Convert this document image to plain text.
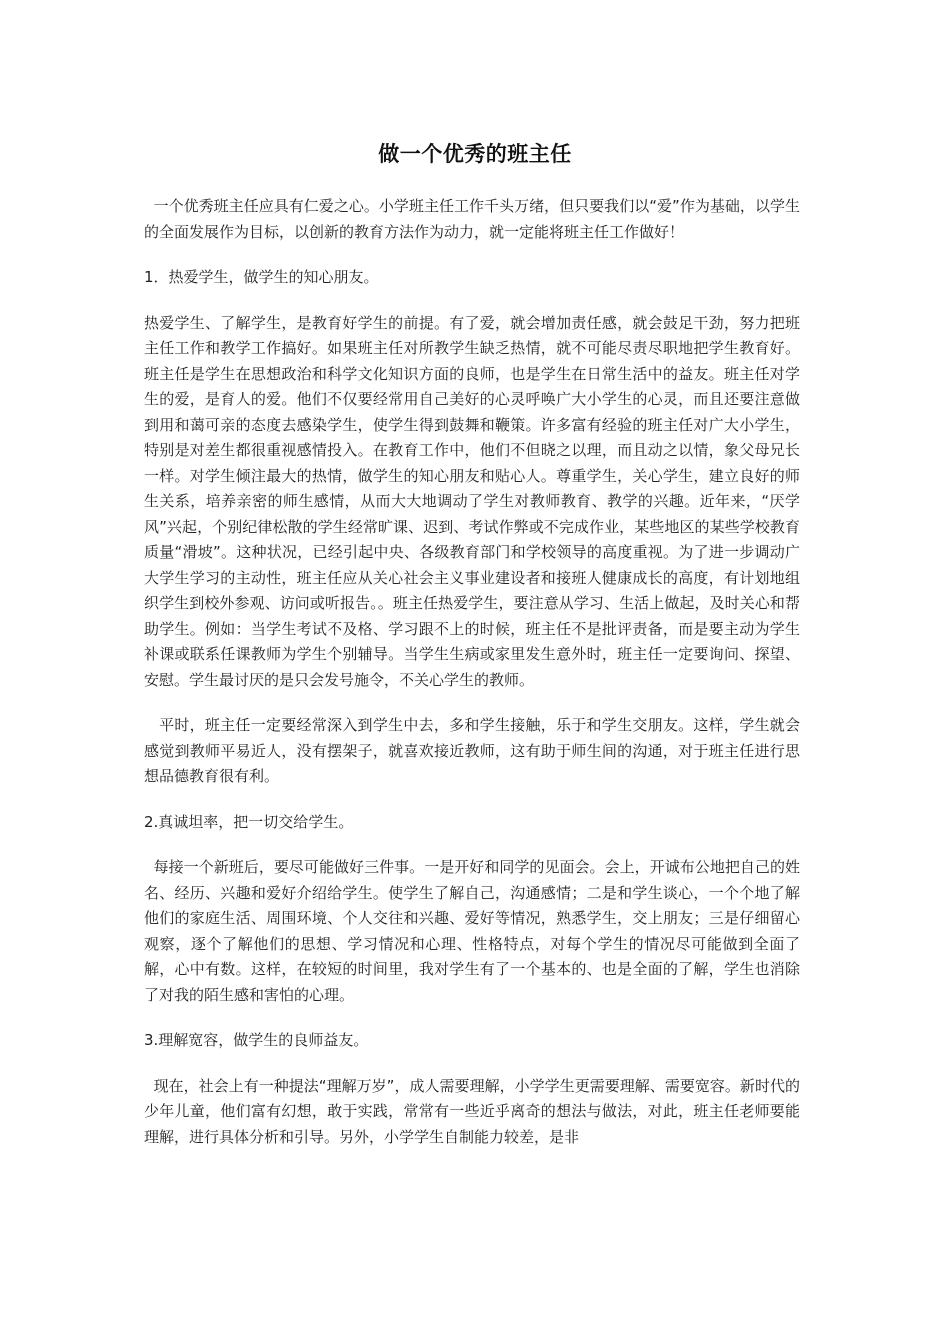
做一个优秀的班主任

一个优秀班主任应具有仁爱之心。小学班主任工作千头万绪，但只要我们以“爱”作为基础，以学生的全面发展作为目标，以创新的教育方法作为动力，就一定能将班主任工作做好！

1．热爱学生，做学生的知心朋友。

热爱学生、了解学生，是教育好学生的前提。有了爱，就会增加责任感，就会鼓足干劲，努力把班主任工作和教学工作搞好。如果班主任对所教学生缺乏热情，就不可能尽责尽职地把学生教育好。班主任是学生在思想政治和科学文化知识方面的良师，也是学生在日常生活中的益友。班主任对学生的爱，是育人的爱。他们不仅要经常用自己美好的心灵呼唤广大小学生的心灵，而且还要注意做到用和蔼可亲的态度去感染学生，使学生得到鼓舞和鞭策。许多富有经验的班主任对广大小学生，特别是对差生都很重视感情投入。在教育工作中，他们不但晓之以理，而且动之以情，象父母兄长一样。对学生倾注最大的热情，做学生的知心朋友和贴心人。尊重学生，关心学生，建立良好的师生关系，培养亲密的师生感情，从而大大地调动了学生对教师教育、教学的兴趣。近年来，“厌学风”兴起，个别纪律松散的学生经常旷课、迟到、考试作弊或不完成作业，某些地区的某些学校教育质量“滑坡”。这种状况，已经引起中央、各级教育部门和学校领导的高度重视。为了进一步调动广大学生学习的主动性，班主任应从关心社会主义事业建设者和接班人健康成长的高度，有计划地组织学生到校外参观、访问或听报告。。班主任热爱学生，要注意从学习、生活上做起，及时关心和帮助学生。例如：当学生考试不及格、学习跟不上的时候，班主任不是批评责备，而是要主动为学生补课或联系任课教师为学生个别辅导。当学生生病或家里发生意外时，班主任一定要询问、探望、安慰。学生最讨厌的是只会发号施令，不关心学生的教师。

平时，班主任一定要经常深入到学生中去，多和学生接触，乐于和学生交朋友。这样，学生就会感觉到教师平易近人，没有摆架子，就喜欢接近教师，这有助于师生间的沟通，对于班主任进行思想品德教育很有利。

2.真诚坦率，把一切交给学生。

每接一个新班后，要尽可能做好三件事。一是开好和同学的见面会。会上，开诚布公地把自己的姓名、经历、兴趣和爱好介绍给学生。使学生了解自己，沟通感情；二是和学生谈心，一个个地了解他们的家庭生活、周围环境、个人交往和兴趣、爱好等情况，熟悉学生，交上朋友；三是仔细留心观察，逐个了解他们的思想、学习情况和心理、性格特点，对每个学生的情况尽可能做到全面了解，心中有数。这样，在较短的时间里，我对学生有了一个基本的、也是全面的了解，学生也消除了对我的陌生感和害怕的心理。

3.理解宽容，做学生的良师益友。

现在，社会上有一种提法“理解万岁”，成人需要理解，小学学生更需要理解、需要宽容。新时代的少年儿童，他们富有幻想，敢于实践，常常有一些近乎离奇的想法与做法，对此，班主任老师要能理解，进行具体分析和引导。另外，小学学生自制能力较差，是非
